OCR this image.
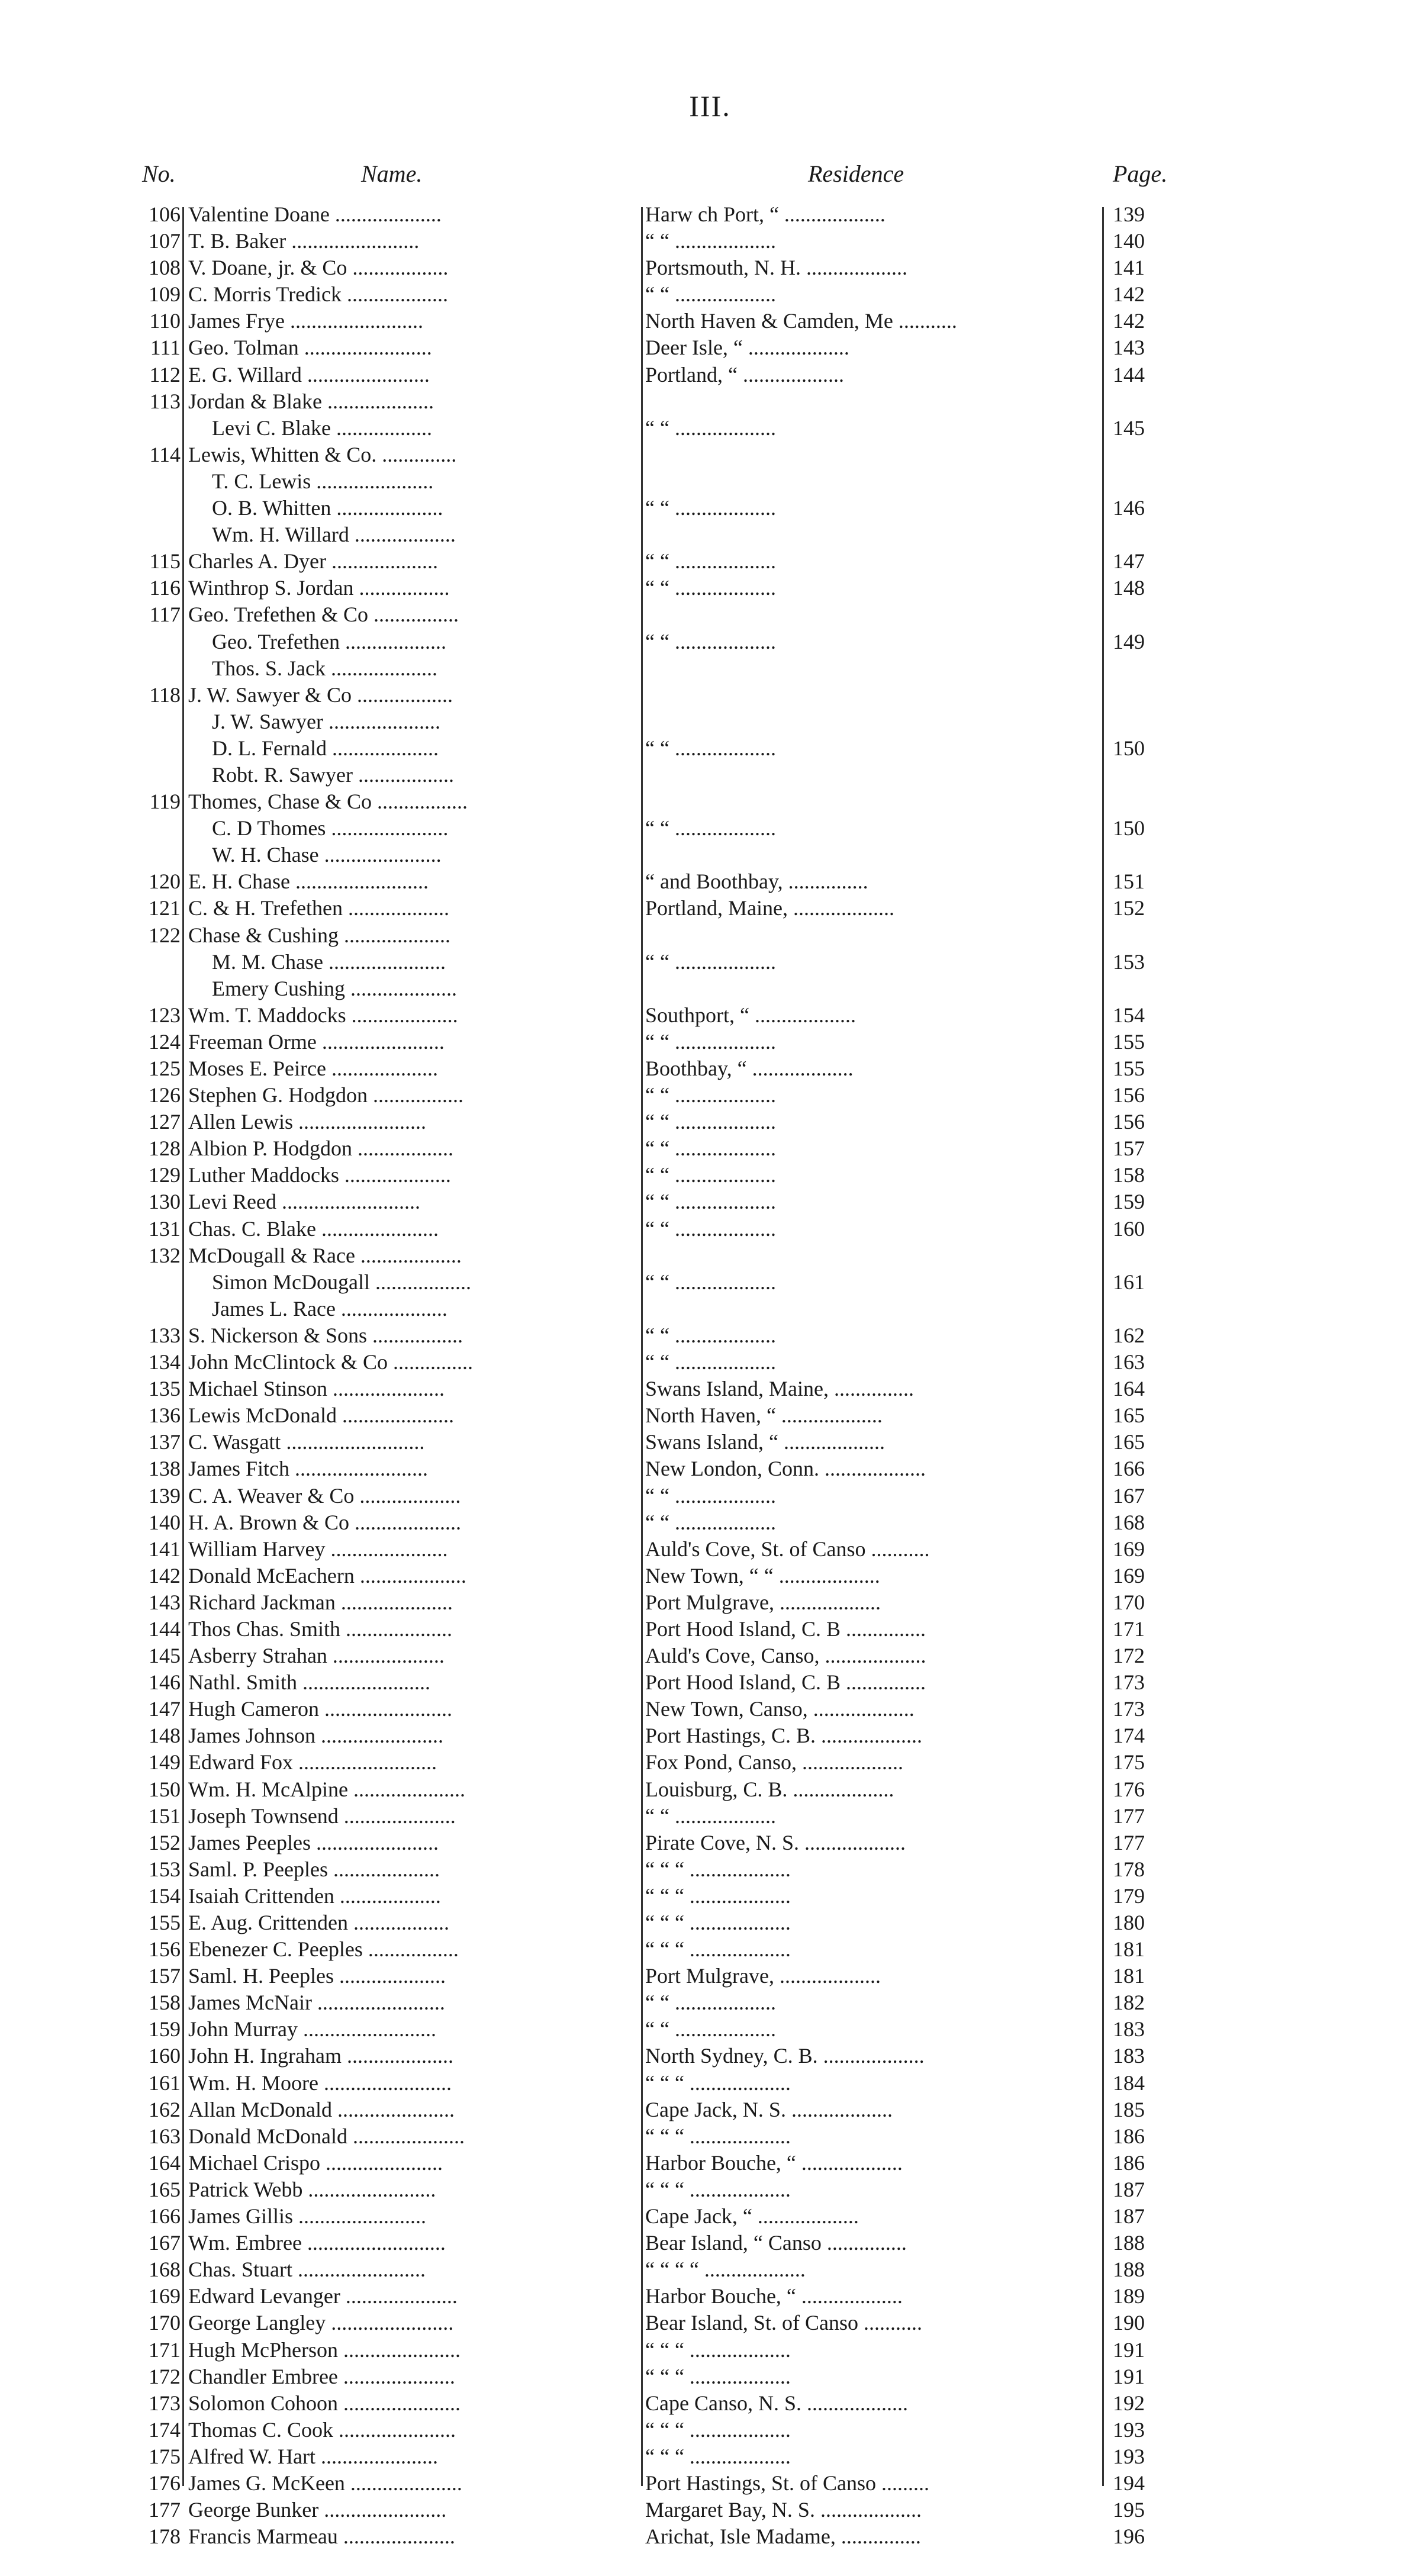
III.
No.	Name.	Residence	Page.
106 Valentine Doane ....................	Harw ch Port, “ ...................	139
107 T. B. Baker ........................	“ “ ...................	140
108 V. Doane, jr. & Co ..................	Portsmouth, N. H. ...................	141
109 C. Morris Tredick ...................	“ “ ...................	142
110 James Frye .........................	North Haven & Camden, Me ...........	142
111 Geo. Tolman ........................	Deer Isle, “ ...................	143
112 E. G. Willard .......................	Portland, “ ...................	144
113 Jordan & Blake ....................
Levi C. Blake ..................	“ “ ...................	145
114 Lewis, Whitten & Co. ..............
T. C. Lewis ......................
O. B. Whitten ....................	“ “ ...................	146
Wm. H. Willard ...................
115 Charles A. Dyer ....................	“ “ ...................	147
116 Winthrop S. Jordan .................	“ “ ...................	148
117 Geo. Trefethen & Co ................
Geo. Trefethen ...................	“ “ ...................	149
Thos. S. Jack ....................
118 J. W. Sawyer & Co ..................
J. W. Sawyer .....................
D. L. Fernald ....................	“ “ ...................	150
Robt. R. Sawyer ..................
119 Thomes, Chase & Co .................
C. D Thomes ......................	“ “ ...................	150
W. H. Chase ......................
120 E. H. Chase .........................	“ and Boothbay, ...............	151
121 C. & H. Trefethen ...................	Portland, Maine, ...................	152
122 Chase & Cushing ....................
M. M. Chase ......................	“ “ ...................	153
Emery Cushing ....................
123 Wm. T. Maddocks ....................	Southport, “ ...................	154
124 Freeman Orme .......................	“ “ ...................	155
125 Moses E. Peirce ....................	Boothbay, “ ...................	155
126 Stephen G. Hodgdon .................	“ “ ...................	156
127 Allen Lewis ........................	“ “ ...................	156
128 Albion P. Hodgdon ..................	“ “ ...................	157
129 Luther Maddocks ....................	“ “ ...................	158
130 Levi Reed ..........................	“ “ ...................	159
131 Chas. C. Blake ......................	“ “ ...................	160
132 McDougall & Race ...................
Simon McDougall ..................	“ “ ...................	161
James L. Race ....................
133 S. Nickerson & Sons .................	“ “ ...................	162
134 John McClintock & Co ...............	“ “ ...................	163
135 Michael Stinson .....................	Swans Island, Maine, ...............	164
136 Lewis McDonald .....................	North Haven, “ ...................	165
137 C. Wasgatt ..........................	Swans Island, “ ...................	165
138 James Fitch .........................	New London, Conn. ...................	166
139 C. A. Weaver & Co ...................	“ “ ...................	167
140 H. A. Brown & Co ....................	“ “ ...................	168
141 William Harvey ......................	Auld's Cove, St. of Canso ...........	169
142 Donald McEachern ....................	New Town, “ “ ...................	169
143 Richard Jackman .....................	Port Mulgrave, ...................	170
144 Thos Chas. Smith ....................	Port Hood Island, C. B ...............	171
145 Asberry Strahan .....................	Auld's Cove, Canso, ...................	172
146 Nathl. Smith ........................	Port Hood Island, C. B ...............	173
147 Hugh Cameron ........................	New Town, Canso, ...................	173
148 James Johnson .......................	Port Hastings, C. B. ...................	174
149 Edward Fox ..........................	Fox Pond, Canso, ...................	175
150 Wm. H. McAlpine .....................	Louisburg, C. B. ...................	176
151 Joseph Townsend .....................	“ “ ...................	177
152 James Peeples .......................	Pirate Cove, N. S. ...................	177
153 Saml. P. Peeples ....................	“ “ “ ...................	178
154 Isaiah Crittenden ...................	“ “ “ ...................	179
155 E. Aug. Crittenden ..................	“ “ “ ...................	180
156 Ebenezer C. Peeples .................	“ “ “ ...................	181
157 Saml. H. Peeples ....................	Port Mulgrave, ...................	181
158 James McNair ........................	“ “ ...................	182
159 John Murray .........................	“ “ ...................	183
160 John H. Ingraham ....................	North Sydney, C. B. ...................	183
161 Wm. H. Moore ........................	“ “ “ ...................	184
162 Allan McDonald ......................	Cape Jack, N. S. ...................	185
163 Donald McDonald .....................	“ “ “ ...................	186
164 Michael Crispo ......................	Harbor Bouche, “ ...................	186
165 Patrick Webb ........................	“ “ “ ...................	187
166 James Gillis ........................	Cape Jack, “ ...................	187
167 Wm. Embree ..........................	Bear Island, “ Canso ...............	188
168 Chas. Stuart ........................	“ “ “ “ ...................	188
169 Edward Levanger .....................	Harbor Bouche, “ ...................	189
170 George Langley .......................	Bear Island, St. of Canso ...........	190
171 Hugh McPherson ......................	“ “ “ ...................	191
172 Chandler Embree .....................	“ “ “ ...................	191
173 Solomon Cohoon ......................	Cape Canso, N. S. ...................	192
174 Thomas C. Cook ......................	“ “ “ ...................	193
175 Alfred W. Hart ......................	“ “ “ ...................	193
176 James G. McKeen .....................	Port Hastings, St. of Canso .........	194
177 George Bunker .......................	Margaret Bay, N. S. ...................	195
178 Francis Marmeau .....................	Arichat, Isle Madame, ...............	196
